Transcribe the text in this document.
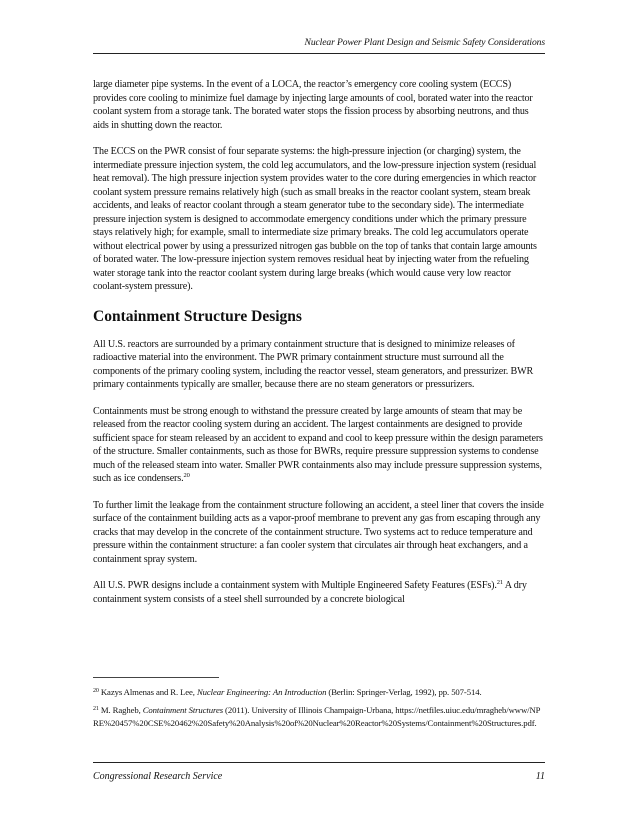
Nuclear Power Plant Design and Seismic Safety Considerations

large diameter pipe systems. In the event of a LOCA, the reactor’s emergency core cooling system (ECCS) provides core cooling to minimize fuel damage by injecting large amounts of cool, borated water into the reactor coolant system from a storage tank. The borated water stops the fission process by absorbing neutrons, and thus aids in shutting down the reactor.

The ECCS on the PWR consist of four separate systems: the high-pressure injection (or charging) system, the intermediate pressure injection system, the cold leg accumulators, and the low-pressure injection system (residual heat removal). The high pressure injection system provides water to the core during emergencies in which reactor coolant system pressure remains relatively high (such as small breaks in the reactor coolant system, steam break accidents, and leaks of reactor coolant through a steam generator tube to the secondary side). The intermediate pressure injection system is designed to accommodate emergency conditions under which the primary pressure stays relatively high; for example, small to intermediate size primary breaks. The cold leg accumulators operate without electrical power by using a pressurized nitrogen gas bubble on the top of tanks that contain large amounts of borated water. The low-pressure injection system removes residual heat by injecting water from the refueling water storage tank into the reactor coolant system during large breaks (which would cause very low reactor coolant-system pressure).

Containment Structure Designs

All U.S. reactors are surrounded by a primary containment structure that is designed to minimize releases of radioactive material into the environment. The PWR primary containment structure must surround all the components of the primary cooling system, including the reactor vessel, steam generators, and pressurizer. BWR primary containments typically are smaller, because there are no steam generators or pressurizers.

Containments must be strong enough to withstand the pressure created by large amounts of steam that may be released from the reactor cooling system during an accident. The largest containments are designed to provide sufficient space for steam released by an accident to expand and cool to keep pressure within the design parameters of the structure. Smaller containments, such as those for BWRs, require pressure suppression systems to condense much of the released steam into water. Smaller PWR containments also may include pressure suppression systems, such as ice condensers.$^{20}$

To further limit the leakage from the containment structure following an accident, a steel liner that covers the inside surface of the containment building acts as a vapor-proof membrane to prevent any gas from escaping through any cracks that may develop in the concrete of the containment structure. Two systems act to reduce temperature and pressure within the containment structure: a fan cooler system that circulates air through heat exchangers, and a containment spray system.

All U.S. PWR designs include a containment system with Multiple Engineered Safety Features (ESFs).$^{21}$ A dry containment system consists of a steel shell surrounded by a concrete biological

$^{20}$ Kazys Almenas and R. Lee, Nuclear Engineering: An Introduction (Berlin: Springer-Verlag, 1992), pp. 507-514.
$^{21}$ M. Ragheb, Containment Structures (2011). University of Illinois Champaign-Urbana, https://netfiles.uiuc.edu/mragheb/www/NPRE%20457%20CSE%20462%20Safety%20Analysis%20of%20Nuclear%20Reactor%20Systems/Containment%20Structures.pdf.
Congressional Research Service	11
